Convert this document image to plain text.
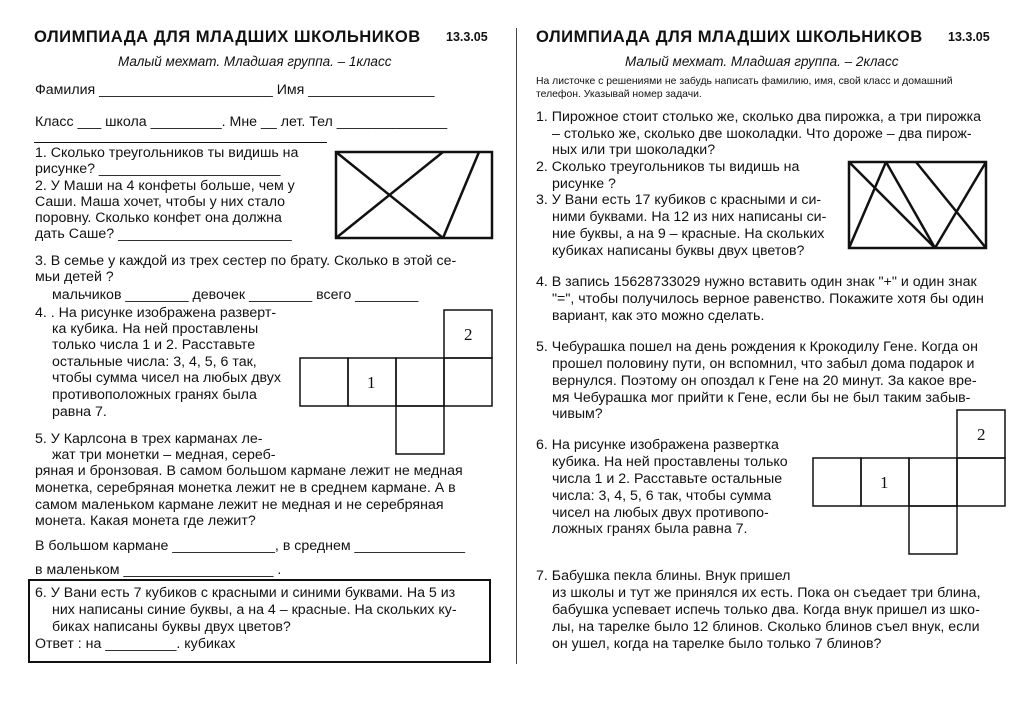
ОЛИМПИАДА ДЛЯ МЛАДШИХ ШКОЛЬНИКОВ 13.3.05
Малый мехмат. Младшая группа. – 1класс
Фамилия ______________________ Имя ________________
Класс ___ школа _________. Мне __ лет. Тел ______________
1. Сколько треугольников ты видишь на
рисунке? _______________________
2. У Маши на 4 конфеты больше, чем у
Саши. Маша хочет, чтобы у них стало
поровну. Сколько конфет она должна
дать Саше? ______________________
3. В семье у каждой из трех сестер по брату. Сколько в этой се-
мьи детей ?
мальчиков ________ девочек ________ всего ________
4. . На рисунке изображена разверт-
ка кубика. На ней проставлены
только числа 1 и 2. Расставьте
остальные числа: 3, 4, 5, 6 так,
чтобы сумма чисел на любых двух
противоположных гранях была
равна 7.
2
1
5. У Карлсона в трех карманах ле-
жат три монетки – медная, сереб-
ряная и бронзовая. В самом большом кармане лежит не медная
монетка, серебряная монетка лежит не в среднем кармане. А в
самом маленьком кармане лежит не медная и не серебряная
монета. Какая монета где лежит?
В большом кармане _____________, в среднем ______________
в маленьком ___________________ .
6. У Вани есть 7 кубиков с красными и синими буквами. На 5 из
них написаны синие буквы, а на 4 – красные. На скольких ку-
биках написаны буквы двух цветов?
Ответ : на _________. кубиках
ОЛИМПИАДА ДЛЯ МЛАДШИХ ШКОЛЬНИКОВ 13.3.05
Малый мехмат. Младшая группа. – 2класс
На листочке с решениями не забудь написать фамилию, имя, свой класс и домашний
телефон. Указывай номер задачи.
1. Пирожное стоит столько же, сколько два пирожка, а три пирожка
– столько же, сколько две шоколадки. Что дороже – два пирож-
ных или три шоколадки?
2. Сколько треугольников ты видишь на
рисунке ?
3. У Вани есть 17 кубиков с красными и си-
ними буквами. На 12 из них написаны си-
ние буквы, а на 9 – красные. На скольких
кубиках написаны буквы двух цветов?
4. В запись 15628733029 нужно вставить один знак "+" и один знак
"=", чтобы получилось верное равенство. Покажите хотя бы один
вариант, как это можно сделать.
5. Чебурашка пошел на день рождения к Крокодилу Гене. Когда он
прошел половину пути, он вспомнил, что забыл дома подарок и
вернулся. Поэтому он опоздал к Гене на 20 минут. За какое вре-
мя Чебурашка мог прийти к Гене, если бы не был таким забыв-
чивым?
6. На рисунке изображена развертка
кубика. На ней проставлены только
числа 1 и 2. Расставьте остальные
числа: 3, 4, 5, 6 так, чтобы сумма
чисел на любых двух противопо-
ложных гранях была равна 7.
2
1
7. Бабушка пекла блины. Внук пришел
из школы и тут же принялся их есть. Пока он съедает три блина,
бабушка успевает испечь только два. Когда внук пришел из шко-
лы, на тарелке было 12 блинов. Сколько блинов съел внук, если
он ушел, когда на тарелке было только 7 блинов?
